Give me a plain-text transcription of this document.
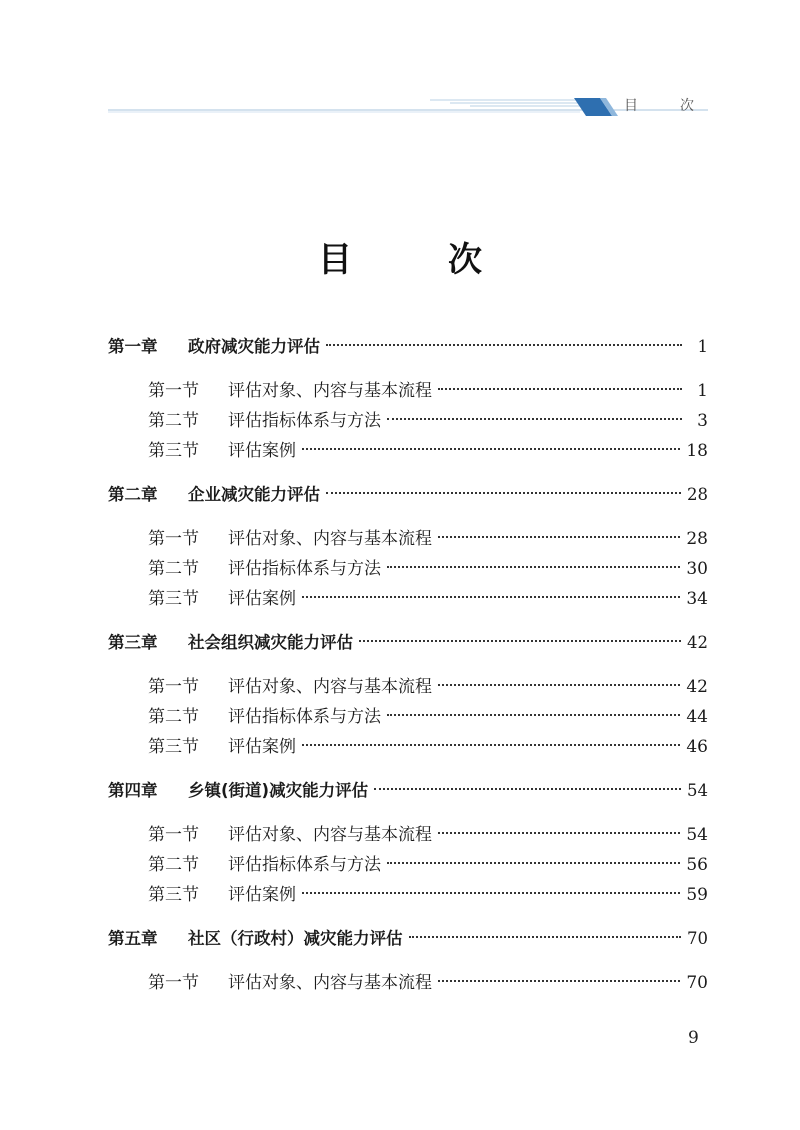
目	次
目	次
第一章	政府减灾能力评估	1
第一节	评估对象、内容与基本流程	1
第二节	评估指标体系与方法	3
第三节	评估案例	18
第二章	企业减灾能力评估	28
第一节	评估对象、内容与基本流程	28
第二节	评估指标体系与方法	30
第三节	评估案例	34
第三章	社会组织减灾能力评估	42
第一节	评估对象、内容与基本流程	42
第二节	评估指标体系与方法	44
第三节	评估案例	46
第四章	乡镇(街道)减灾能力评估	54
第一节	评估对象、内容与基本流程	54
第二节	评估指标体系与方法	56
第三节	评估案例	59
第五章	社区（行政村）减灾能力评估	70
第一节	评估对象、内容与基本流程	70
9
